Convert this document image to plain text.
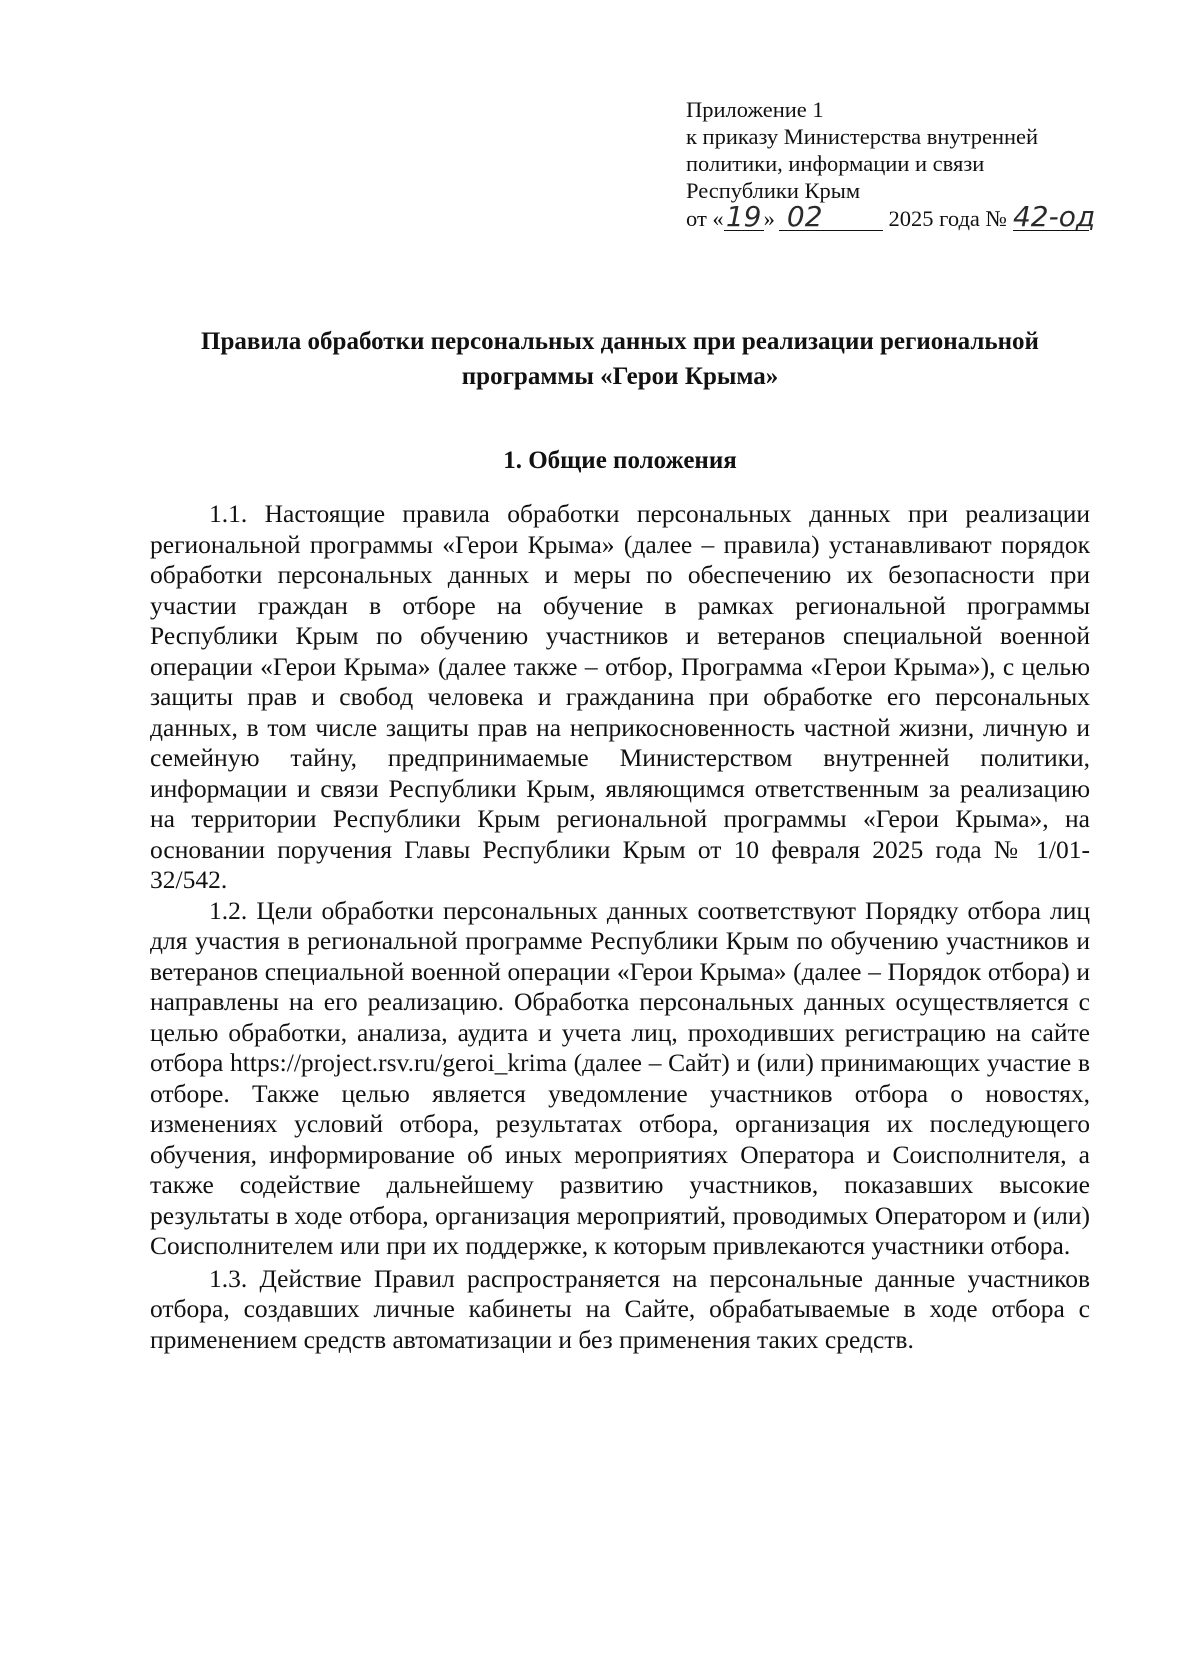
Приложение 1
к приказу Министерства внутренней
политики, информации и связи
Республики Крым
от «19» 02	2025 года № 42-од
Правила обработки персональных данных при реализации региональной
программы «Герои Крыма»
1. Общие положения

1.1. Настоящие правила обработки персональных данных при реализации региональной программы «Герои Крыма» (далее – правила) устанавливают порядок обработки персональных данных и меры по обеспечению их безопасности при участии граждан в отборе на обучение в рамках региональной программы Республики Крым по обучению участников и ветеранов специальной военной операции «Герои Крыма» (далее также – отбор, Программа «Герои Крыма»), с целью защиты прав и свобод человека и гражданина при обработке его персональных данных, в том числе защиты прав на неприкосновенность частной жизни, личную и семейную тайну, предпринимаемые Министерством внутренней политики, информации и связи Республики Крым, являющимся ответственным за реализацию на территории Республики Крым региональной программы «Герои Крыма», на основании поручения Главы Республики Крым от 10 февраля 2025 года № 1/01-32/542.

1.2. Цели обработки персональных данных соответствуют Порядку отбора лиц для участия в региональной программе Республики Крым по обучению участников и ветеранов специальной военной операции «Герои Крыма» (далее – Порядок отбора) и направлены на его реализацию. Обработка персональных данных осуществляется с целью обработки, анализа, аудита и учета лиц, проходивших регистрацию на сайте отбора https://project.rsv.ru/geroi_krima (далее – Сайт) и (или) принимающих участие в отборе. Также целью является уведомление участников отбора о новостях, изменениях условий отбора, результатах отбора, организация их последующего обучения, информирование об иных мероприятиях Оператора и Соисполнителя, а также содействие дальнейшему развитию участников, показавших высокие результаты в ходе отбора, организация мероприятий, проводимых Оператором и (или) Соисполнителем или при их поддержке, к которым привлекаются участники отбора.

1.3. Действие Правил распространяется на персональные данные участников отбора, создавших личные кабинеты на Сайте, обрабатываемые в ходе отбора с применением средств автоматизации и без применения таких средств.
